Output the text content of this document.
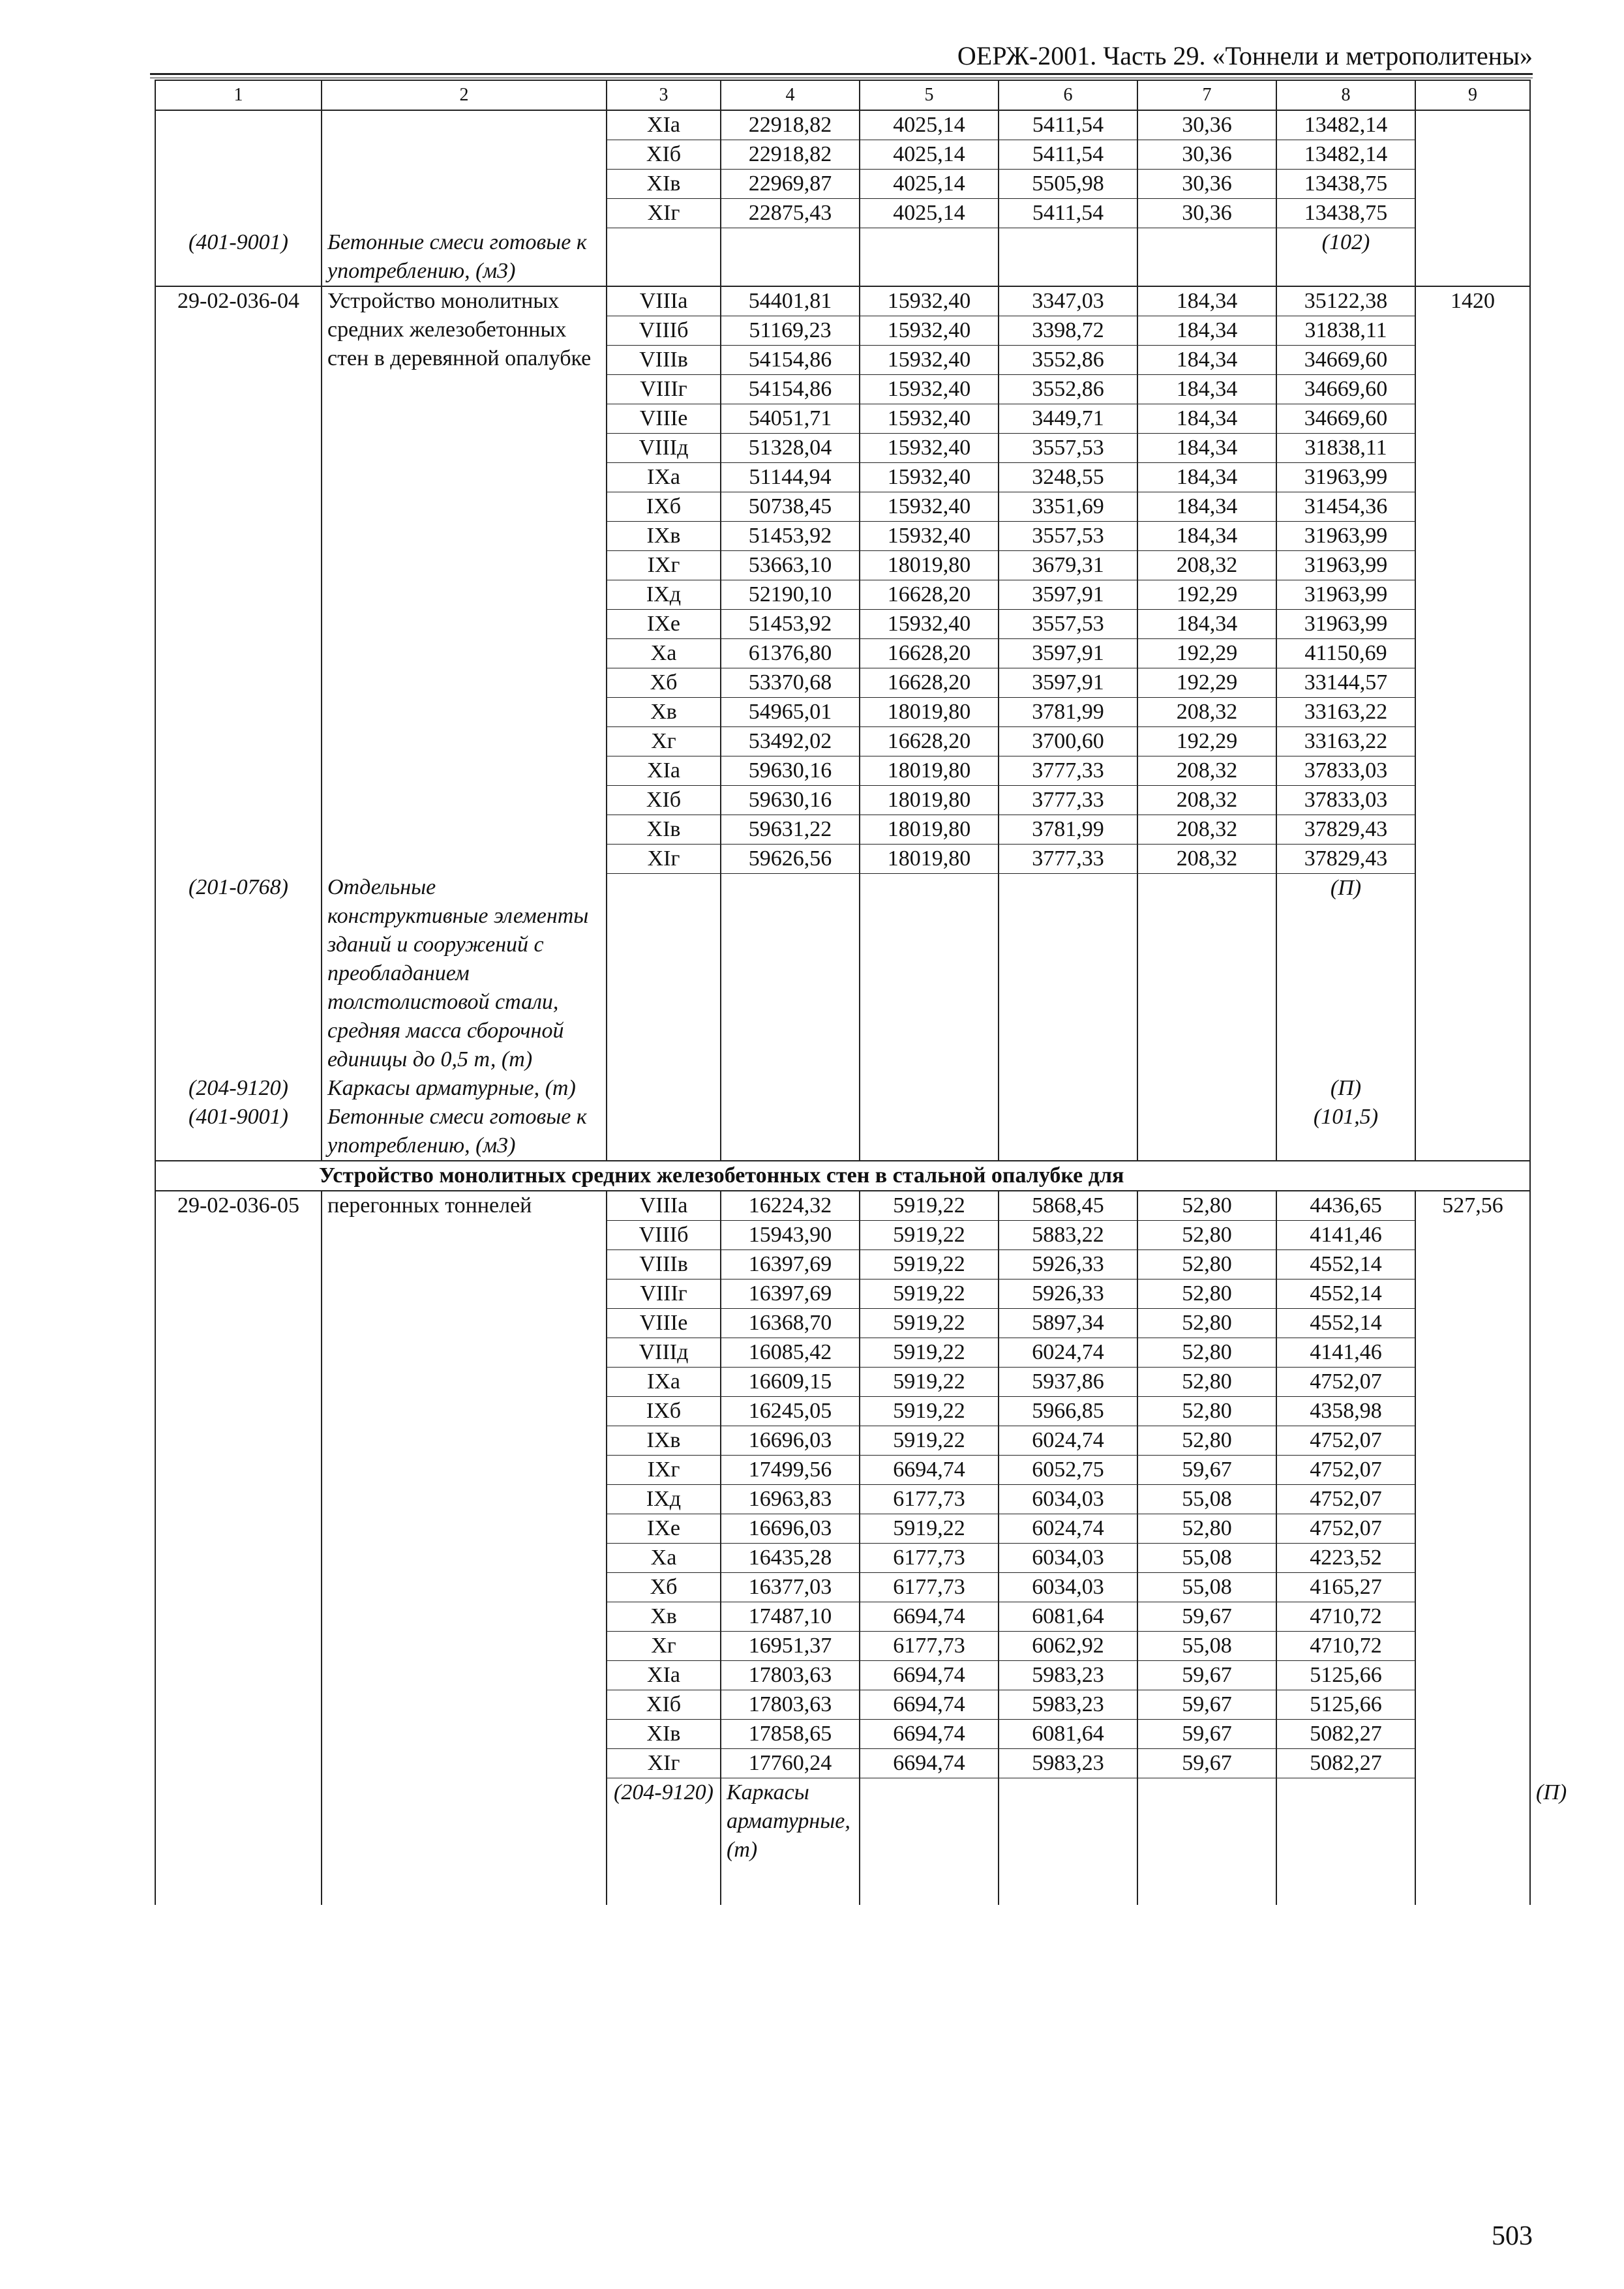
ОЕРЖ-2001. Часть 29. «Тоннели и метрополитены»
1	2	3	4	5	6	7	8	9	
		XIа	22918,82	4025,14	5411,54	30,36	13482,14		
		XIб	22918,82	4025,14	5411,54	30,36	13482,14		
		XIв	22969,87	4025,14	5505,98	30,36	13438,75		
		XIг	22875,43	4025,14	5411,54	30,36	13438,75		
(401-9001)	Бетонные смеси готовые к употреблению, (м3)						(102)		
29-02-036-04	Устройство монолитных средних железобетонных стен в деревянной опалубке	VIIIа	54401,81	15932,40	3347,03	184,34	35122,38	1420	
		VIIIб	51169,23	15932,40	3398,72	184,34	31838,11		
		VIIIв	54154,86	15932,40	3552,86	184,34	34669,60		
		VIIIг	54154,86	15932,40	3552,86	184,34	34669,60		
		VIIIе	54051,71	15932,40	3449,71	184,34	34669,60		
		VIIIд	51328,04	15932,40	3557,53	184,34	31838,11		
		IXа	51144,94	15932,40	3248,55	184,34	31963,99		
		IXб	50738,45	15932,40	3351,69	184,34	31454,36		
		IXв	51453,92	15932,40	3557,53	184,34	31963,99		
		IXг	53663,10	18019,80	3679,31	208,32	31963,99		
		IXд	52190,10	16628,20	3597,91	192,29	31963,99		
		IXе	51453,92	15932,40	3557,53	184,34	31963,99		
		Xа	61376,80	16628,20	3597,91	192,29	41150,69		
		Xб	53370,68	16628,20	3597,91	192,29	33144,57		
		Xв	54965,01	18019,80	3781,99	208,32	33163,22		
		Xг	53492,02	16628,20	3700,60	192,29	33163,22		
		XIа	59630,16	18019,80	3777,33	208,32	37833,03		
		XIб	59630,16	18019,80	3777,33	208,32	37833,03		
		XIв	59631,22	18019,80	3781,99	208,32	37829,43		
		XIг	59626,56	18019,80	3777,33	208,32	37829,43		
(201-0768)	Отдельные конструктивные элементы зданий и сооружений с преобладанием толстолистовой стали, средняя масса сборочной единицы до 0,5 т, (т)						(П)		
(204-9120)	Каркасы арматурные, (т)						(П)		
(401-9001)	Бетонные смеси готовые к употреблению, (м3)						(101,5)		
Устройство монолитных средних железобетонных стен в стальной опалубке для									
29-02-036-05	перегонных тоннелей	VIIIа	16224,32	5919,22	5868,45	52,80	4436,65	527,56	
		VIIIб	15943,90	5919,22	5883,22	52,80	4141,46		
		VIIIв	16397,69	5919,22	5926,33	52,80	4552,14		
		VIIIг	16397,69	5919,22	5926,33	52,80	4552,14		
		VIIIе	16368,70	5919,22	5897,34	52,80	4552,14		
		VIIIд	16085,42	5919,22	6024,74	52,80	4141,46		
		IXа	16609,15	5919,22	5937,86	52,80	4752,07		
		IXб	16245,05	5919,22	5966,85	52,80	4358,98		
		IXв	16696,03	5919,22	6024,74	52,80	4752,07		
		IXг	17499,56	6694,74	6052,75	59,67	4752,07		
		IXд	16963,83	6177,73	6034,03	55,08	4752,07		
		IXе	16696,03	5919,22	6024,74	52,80	4752,07		
		Xа	16435,28	6177,73	6034,03	55,08	4223,52		
		Xб	16377,03	6177,73	6034,03	55,08	4165,27		
		Xв	17487,10	6694,74	6081,64	59,67	4710,72		
		Xг	16951,37	6177,73	6062,92	55,08	4710,72		
		XIа	17803,63	6694,74	5983,23	59,67	5125,66		
		XIб	17803,63	6694,74	5983,23	59,67	5125,66		
		XIв	17858,65	6694,74	6081,64	59,67	5082,27		
		XIг	17760,24	6694,74	5983,23	59,67	5082,27		
		(204-9120)	Каркасы арматурные, (т)						(П)	

503
